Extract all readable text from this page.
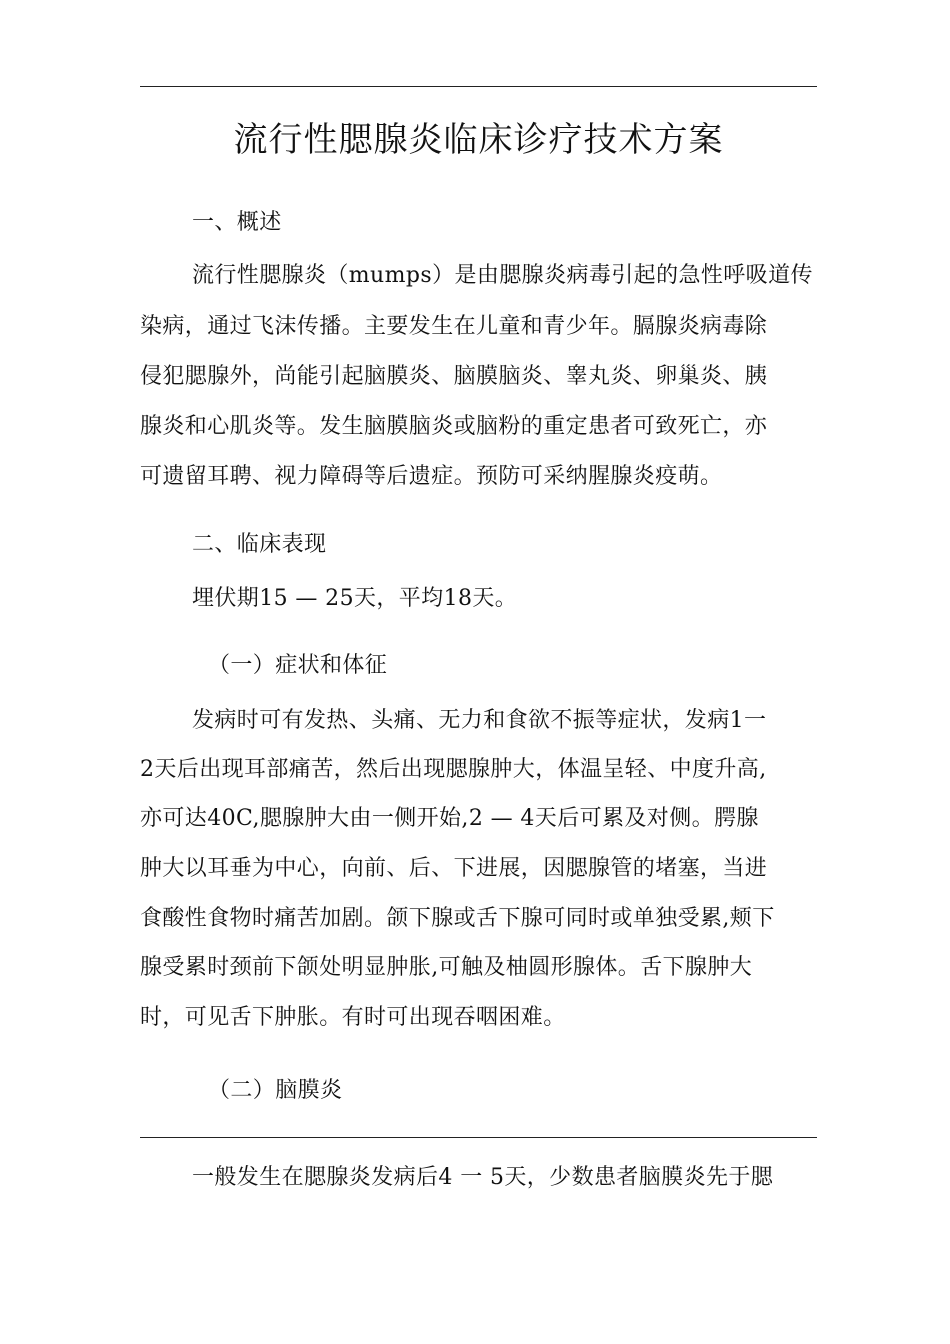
流行性腮腺炎临床诊疗技术方案
一、概述
流行性腮腺炎（mumps）是由腮腺炎病毒引起的急性呼吸道传
染病，通过飞沫传播。主要发生在儿童和青少年。膈腺炎病毒除
侵犯腮腺外，尚能引起脑膜炎、脑膜脑炎、睾丸炎、卵巢炎、胰
腺炎和心肌炎等。发生脑膜脑炎或脑粉的重定患者可致死亡，亦
可遗留耳聘、视力障碍等后遗症。预防可采纳腥腺炎疫萌。
二、临床表现
埋伏期15 — 25天，平均18天。
（一）症状和体征
发病时可有发热、头痛、无力和食欲不振等症状，发病1一
2天后出现耳部痛苦，然后出现腮腺肿大，体温呈轻、中度升高,
亦可达40C,腮腺肿大由一侧开始,2 — 4天后可累及对侧。腭腺
肿大以耳垂为中心，向前、后、下进展，因腮腺管的堵塞，当进
食酸性食物时痛苦加剧。颌下腺或舌下腺可同时或单独受累,颊下
腺受累时颈前下颌处明显肿胀,可触及柚圆形腺体。舌下腺肿大
时，可见舌下肿胀。有时可出现吞咽困难。
（二）脑膜炎
一般发生在腮腺炎发病后4 一 5天，少数患者脑膜炎先于腮
